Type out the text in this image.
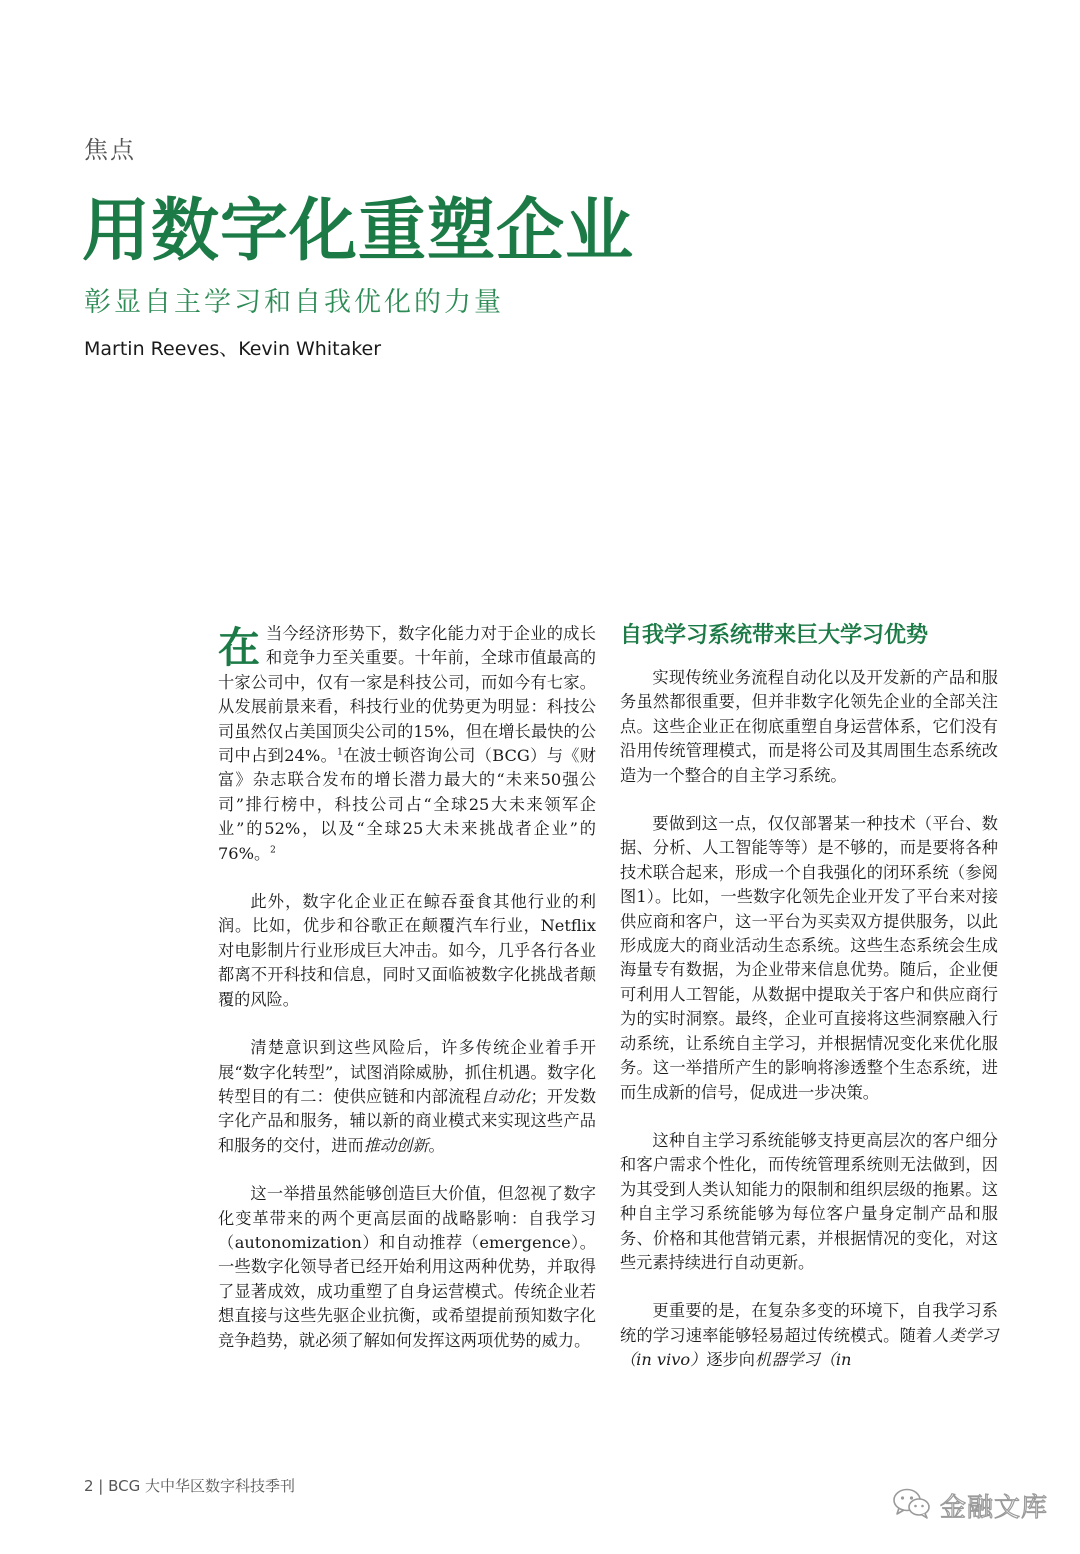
焦点
用数字化重塑企业
彰显自主学习和自我优化的力量
Martin Reeves、Kevin Whitaker

在当今经济形势下，数字化能力对于企业的成长和竞争力至关重要。十年前，全球市值最高的十家公司中，仅有一家是科技公司，而如今有七家。从发展前景来看，科技行业的优势更为明显：科技公司虽然仅占美国顶尖公司的15%，但在增长最快的公司中占到24%。$^1$在波士顿咨询公司（BCG）与《财富》杂志联合发布的增长潜力最大的“未来50强公司”排行榜中，科技公司占“全球25大未来领军企业”的52%，以及“全球25大未来挑战者企业”的76%。$^2$

此外，数字化企业正在鲸吞蚕食其他行业的利润。比如，优步和谷歌正在颠覆汽车行业，Netflix对电影制片行业形成巨大冲击。如今，几乎各行各业都离不开科技和信息，同时又面临被数字化挑战者颠覆的风险。

清楚意识到这些风险后，许多传统企业着手开展“数字化转型”，试图消除威胁，抓住机遇。数字化转型目的有二：使供应链和内部流程自动化；开发数字化产品和服务，辅以新的商业模式来实现这些产品和服务的交付，进而推动创新。

这一举措虽然能够创造巨大价值，但忽视了数字化变革带来的两个更高层面的战略影响：自我学习（autonomization）和自动推荐（emergence）。一些数字化领导者已经开始利用这两种优势，并取得了显著成效，成功重塑了自身运营模式。传统企业若想直接与这些先驱企业抗衡，或希望提前预知数字化竞争趋势，就必须了解如何发挥这两项优势的威力。

自我学习系统带来巨大学习优势

实现传统业务流程自动化以及开发新的产品和服务虽然都很重要，但并非数字化领先企业的全部关注点。这些企业正在彻底重塑自身运营体系，它们没有沿用传统管理模式，而是将公司及其周围生态系统改造为一个整合的自主学习系统。

要做到这一点，仅仅部署某一种技术（平台、数据、分析、人工智能等等）是不够的，而是要将各种技术联合起来，形成一个自我强化的闭环系统（参阅图1）。比如，一些数字化领先企业开发了平台来对接供应商和客户，这一平台为买卖双方提供服务，以此形成庞大的商业活动生态系统。这些生态系统会生成海量专有数据，为企业带来信息优势。随后，企业便可利用人工智能，从数据中提取关于客户和供应商行为的实时洞察。最终，企业可直接将这些洞察融入行动系统，让系统自主学习，并根据情况变化来优化服务。这一举措所产生的影响将渗透整个生态系统，进而生成新的信号，促成进一步决策。

这种自主学习系统能够支持更高层次的客户细分和客户需求个性化，而传统管理系统则无法做到，因为其受到人类认知能力的限制和组织层级的拖累。这种自主学习系统能够为每位客户量身定制产品和服务、价格和其他营销元素，并根据情况的变化，对这些元素持续进行自动更新。

更重要的是，在复杂多变的环境下，自我学习系统的学习速率能够轻易超过传统模式。随着人类学习（in vivo）逐步向机器学习（in

2 | BCG 大中华区数字科技季刊
金融文库
